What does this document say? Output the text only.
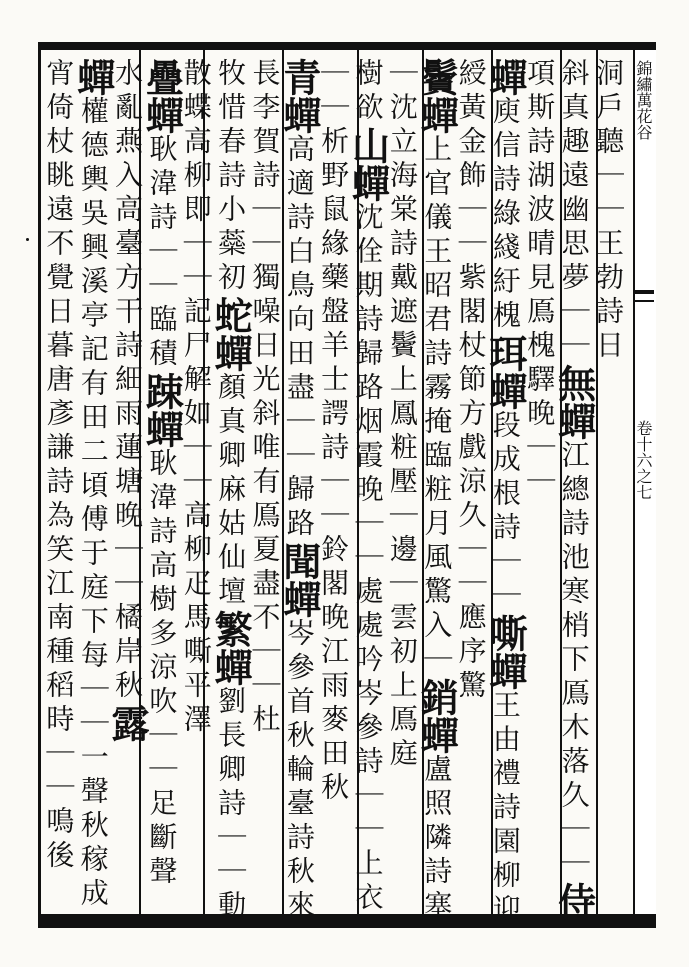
錦繡萬花谷
卷十六之七
洞戶聽｜｜王勃詩日
斜真趣遠幽思夢｜｜無蟬江總詩池寒梢下鳫木落久｜｜侍
項斯詩湖波晴見鳫槐驛晚｜｜
蟬庾信詩綠綫紆槐珥蟬段成根詩｜｜嘶蟬王由禮詩園柳迎
綬黃金飾｜｜紫閣杖節方戲涼久｜｜應序驚
鬢蟬上官儀王昭君詩霧掩臨粧月風驚入｜銷蟬盧照隣詩塞
｜沈立海棠詩戴遮鬢上鳳粧壓｜邊｜雲初上鳫庭
樹欲山蟬沈佺期詩歸路烟霞晚｜｜處處吟岑參詩｜｜上衣
｜｜析野鼠緣藥盤羊士諤詩｜｜鈴閣晚江雨麥田秋
青蟬高適詩白鳥向田盡｜｜歸路聞蟬岑參首秋輪臺詩秋來
長李賀詩｜｜獨噪日光斜唯有鳫夏盡不｜｜杜
牧惜春詩小蘂初蛇蟬顏真卿麻姑仙壇繁蟬劉長卿詩｜｜動
散蝶高柳即｜｜記尸解如｜｜高柳疋馬嘶平澤
疊蟬耿湋詩｜｜臨積踈蟬耿湋詩高樹多涼吹｜｜足斷聲
水亂燕入高臺方干詩細雨蓮塘晚｜｜橘岸秋露
蟬權德輿吳興溪亭記有田二頃傅于庭下每｜｜一聲秋稼成
宵倚杖眺遠不覺日暮唐彥謙詩為笑江南種稻時｜｜鳴後
